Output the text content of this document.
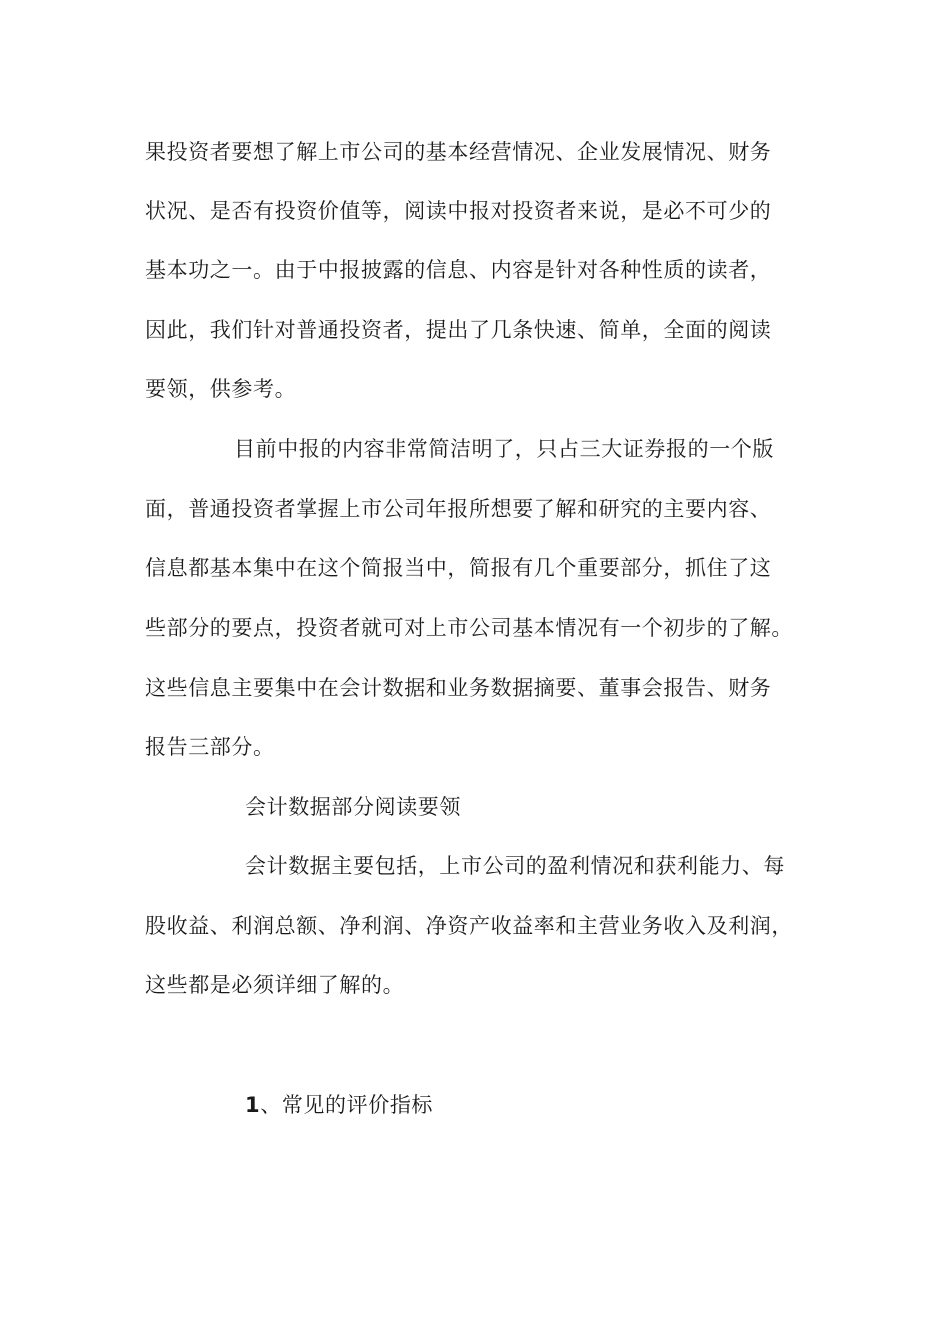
果投资者要想了解上市公司的基本经营情况、企业发展情况、财务
状况、是否有投资价值等，阅读中报对投资者来说，是必不可少的
基本功之一。由于中报披露的信息、内容是针对各种性质的读者，
因此，我们针对普通投资者，提出了几条快速、简单，全面的阅读
要领，供参考。
目前中报的内容非常简洁明了，只占三大证券报的一个版
面，普通投资者掌握上市公司年报所想要了解和研究的主要内容、
信息都基本集中在这个简报当中，简报有几个重要部分，抓住了这
些部分的要点，投资者就可对上市公司基本情况有一个初步的了解。
这些信息主要集中在会计数据和业务数据摘要、董事会报告、财务
报告三部分。
会计数据部分阅读要领
会计数据主要包括，上市公司的盈利情况和获利能力、每
股收益、利润总额、净利润、净资产收益率和主营业务收入及利润，
这些都是必须详细了解的。
1、常见的评价指标
